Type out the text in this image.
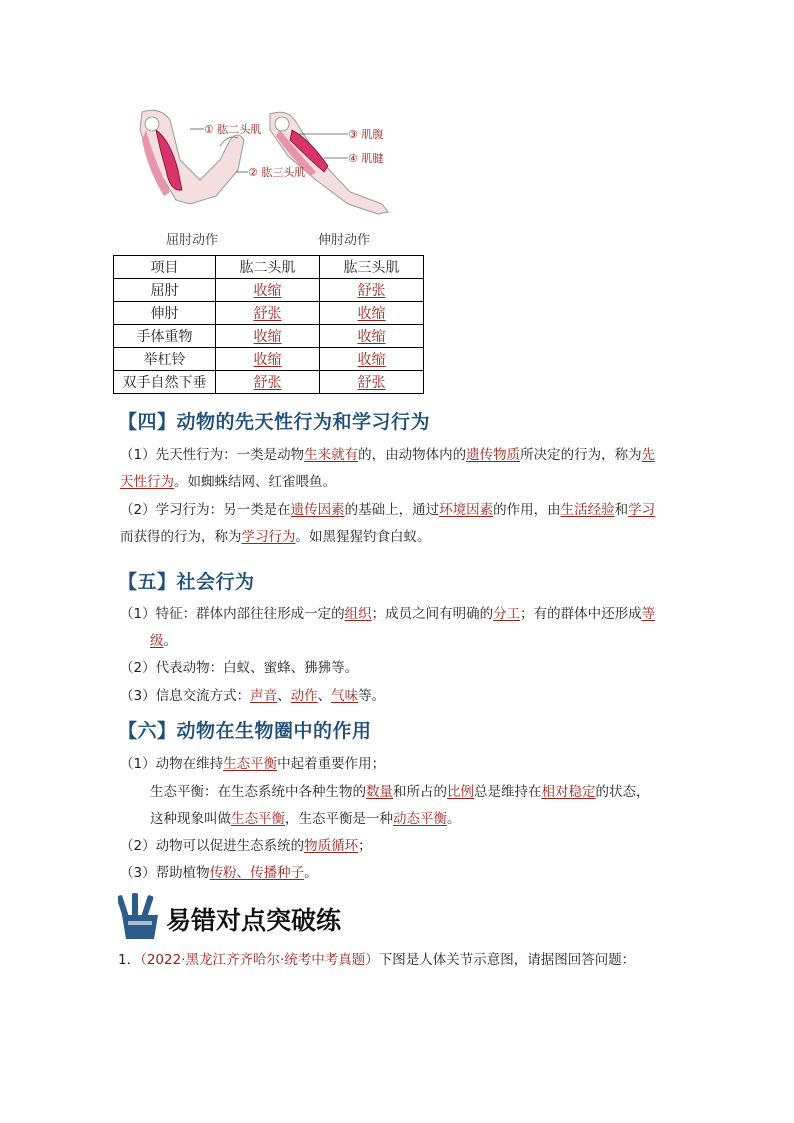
① 肱二头肌
② 肱三头肌
③ 肌腹
④ 肌腱
屈肘动作	伸肘动作
项目	肱二头肌	肱三头肌
屈肘	收缩	舒张
伸肘	舒张	收缩
手体重物	收缩	收缩
举杠铃	收缩	收缩
双手自然下垂	舒张	舒张
【四】动物的先天性行为和学习行为
（1）先天性行为：一类是动物生来就有的，由动物体内的遗传物质所决定的行为，称为先
天性行为。如蜘蛛结网、红雀喂鱼。
（2）学习行为：另一类是在遗传因素的基础上，通过环境因素的作用，由生活经验和学习
而获得的行为，称为学习行为。如黑猩猩钓食白蚁。
【五】社会行为
（1）特征：群体内部往往形成一定的组织；成员之间有明确的分工；有的群体中还形成等
级。
（2）代表动物：白蚁、蜜蜂、狒狒等。
（3）信息交流方式：声音、动作、气味等。
【六】动物在生物圈中的作用
（1）动物在维持生态平衡中起着重要作用；
生态平衡：在生态系统中各种生物的数量和所占的比例总是维持在相对稳定的状态，
这种现象叫做生态平衡，生态平衡是一种动态平衡。
（2）动物可以促进生态系统的物质循环；
（3）帮助植物传粉、传播种子。
易错对点突破练
1．（2022·黑龙江齐齐哈尔·统考中考真题）下图是人体关节示意图，请据图回答问题：
